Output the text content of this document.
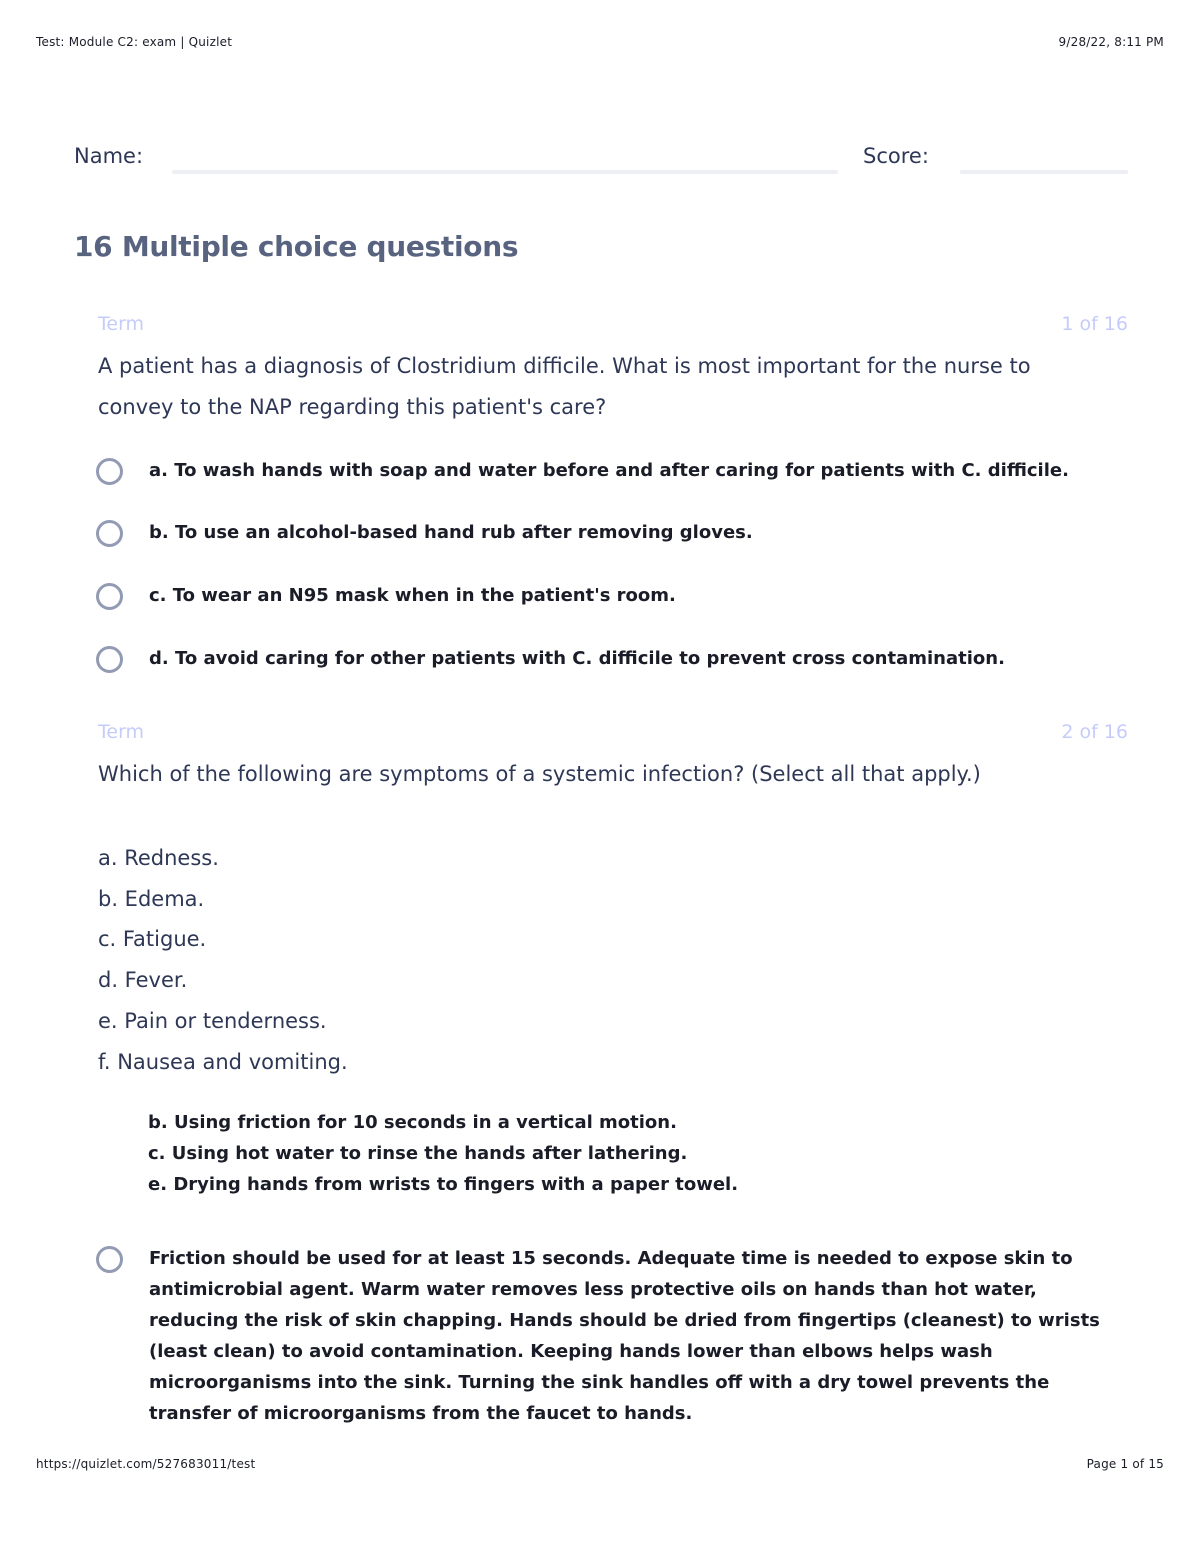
Test: Module C2: exam | Quizlet	9/28/22, 8:11 PM
Name:	Score:
16 Multiple choice questions
Term	1 of 16

A patient has a diagnosis of Clostridium difficile. What is most important for the nurse to convey to the NAP regarding this patient's care?

a. To wash hands with soap and water before and after caring for patients with C. difficile.
b. To use an alcohol-based hand rub after removing gloves.
c. To wear an N95 mask when in the patient's room.
d. To avoid caring for other patients with C. difficile to prevent cross contamination.
Term	2 of 16

Which of the following are symptoms of a systemic infection? (Select all that apply.)

a. Redness.
b. Edema.
c. Fatigue.
d. Fever.
e. Pain or tenderness.
f. Nausea and vomiting.
b. Using friction for 10 seconds in a vertical motion.
c. Using hot water to rinse the hands after lathering.
e. Drying hands from wrists to fingers with a paper towel.
Friction should be used for at least 15 seconds. Adequate time is needed to expose skin to antimicrobial agent. Warm water removes less protective oils on hands than hot water, reducing the risk of skin chapping. Hands should be dried from fingertips (cleanest) to wrists (least clean) to avoid contamination. Keeping hands lower than elbows helps wash microorganisms into the sink. Turning the sink handles off with a dry towel prevents the transfer of microorganisms from the faucet to hands.
https://quizlet.com/527683011/test	Page 1 of 15
